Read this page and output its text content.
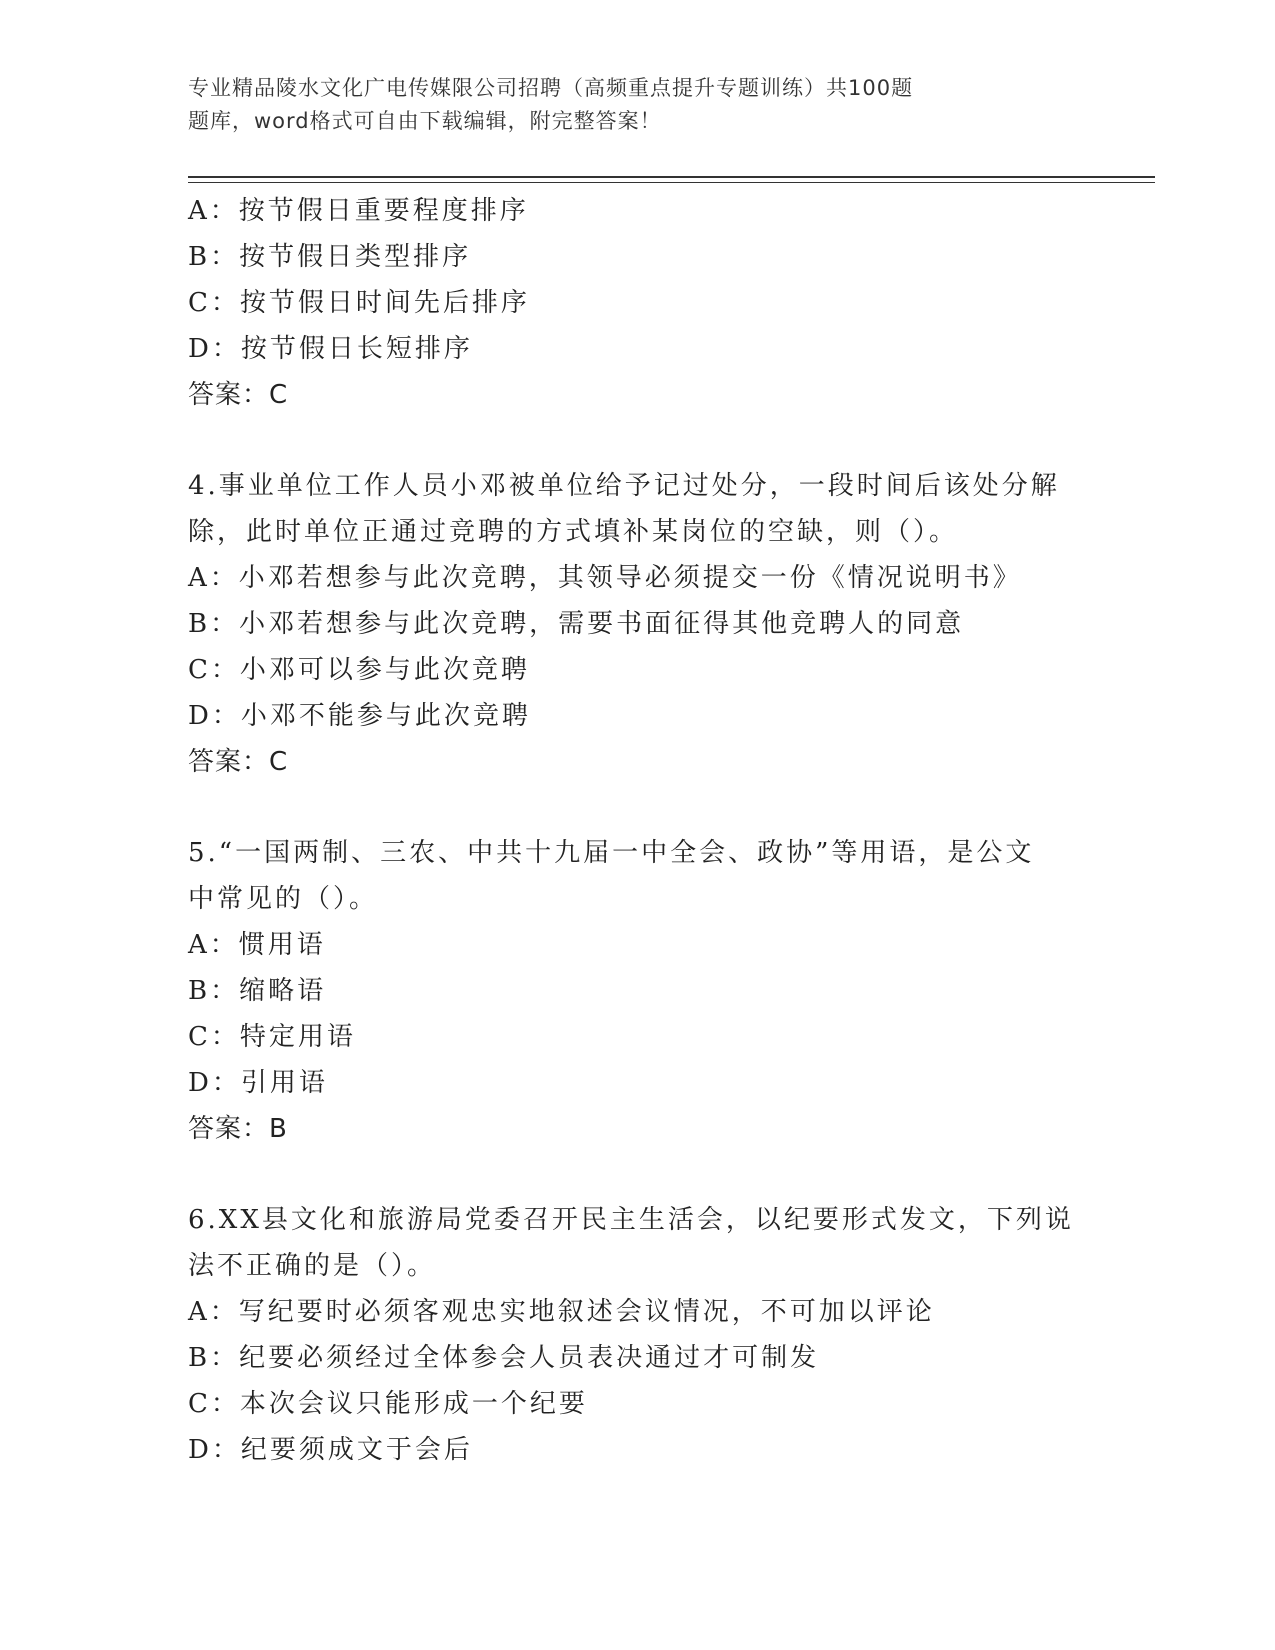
专业精品陵水文化广电传媒限公司招聘（高频重点提升专题训练）共100题
题库，word格式可自由下载编辑，附完整答案！
A：按节假日重要程度排序
B：按节假日类型排序
C：按节假日时间先后排序
D：按节假日长短排序
答案：C
4.事业单位工作人员小邓被单位给予记过处分，一段时间后该处分解
除，此时单位正通过竞聘的方式填补某岗位的空缺，则（）。
A：小邓若想参与此次竞聘，其领导必须提交一份《情况说明书》
B：小邓若想参与此次竞聘，需要书面征得其他竞聘人的同意
C：小邓可以参与此次竞聘
D：小邓不能参与此次竞聘
答案：C
5.“一国两制、三农、中共十九届一中全会、政协”等用语，是公文
中常见的（）。
A：惯用语
B：缩略语
C：特定用语
D：引用语
答案：B
6.XX县文化和旅游局党委召开民主生活会，以纪要形式发文，下列说
法不正确的是（）。
A：写纪要时必须客观忠实地叙述会议情况，不可加以评论
B：纪要必须经过全体参会人员表决通过才可制发
C：本次会议只能形成一个纪要
D：纪要须成文于会后
